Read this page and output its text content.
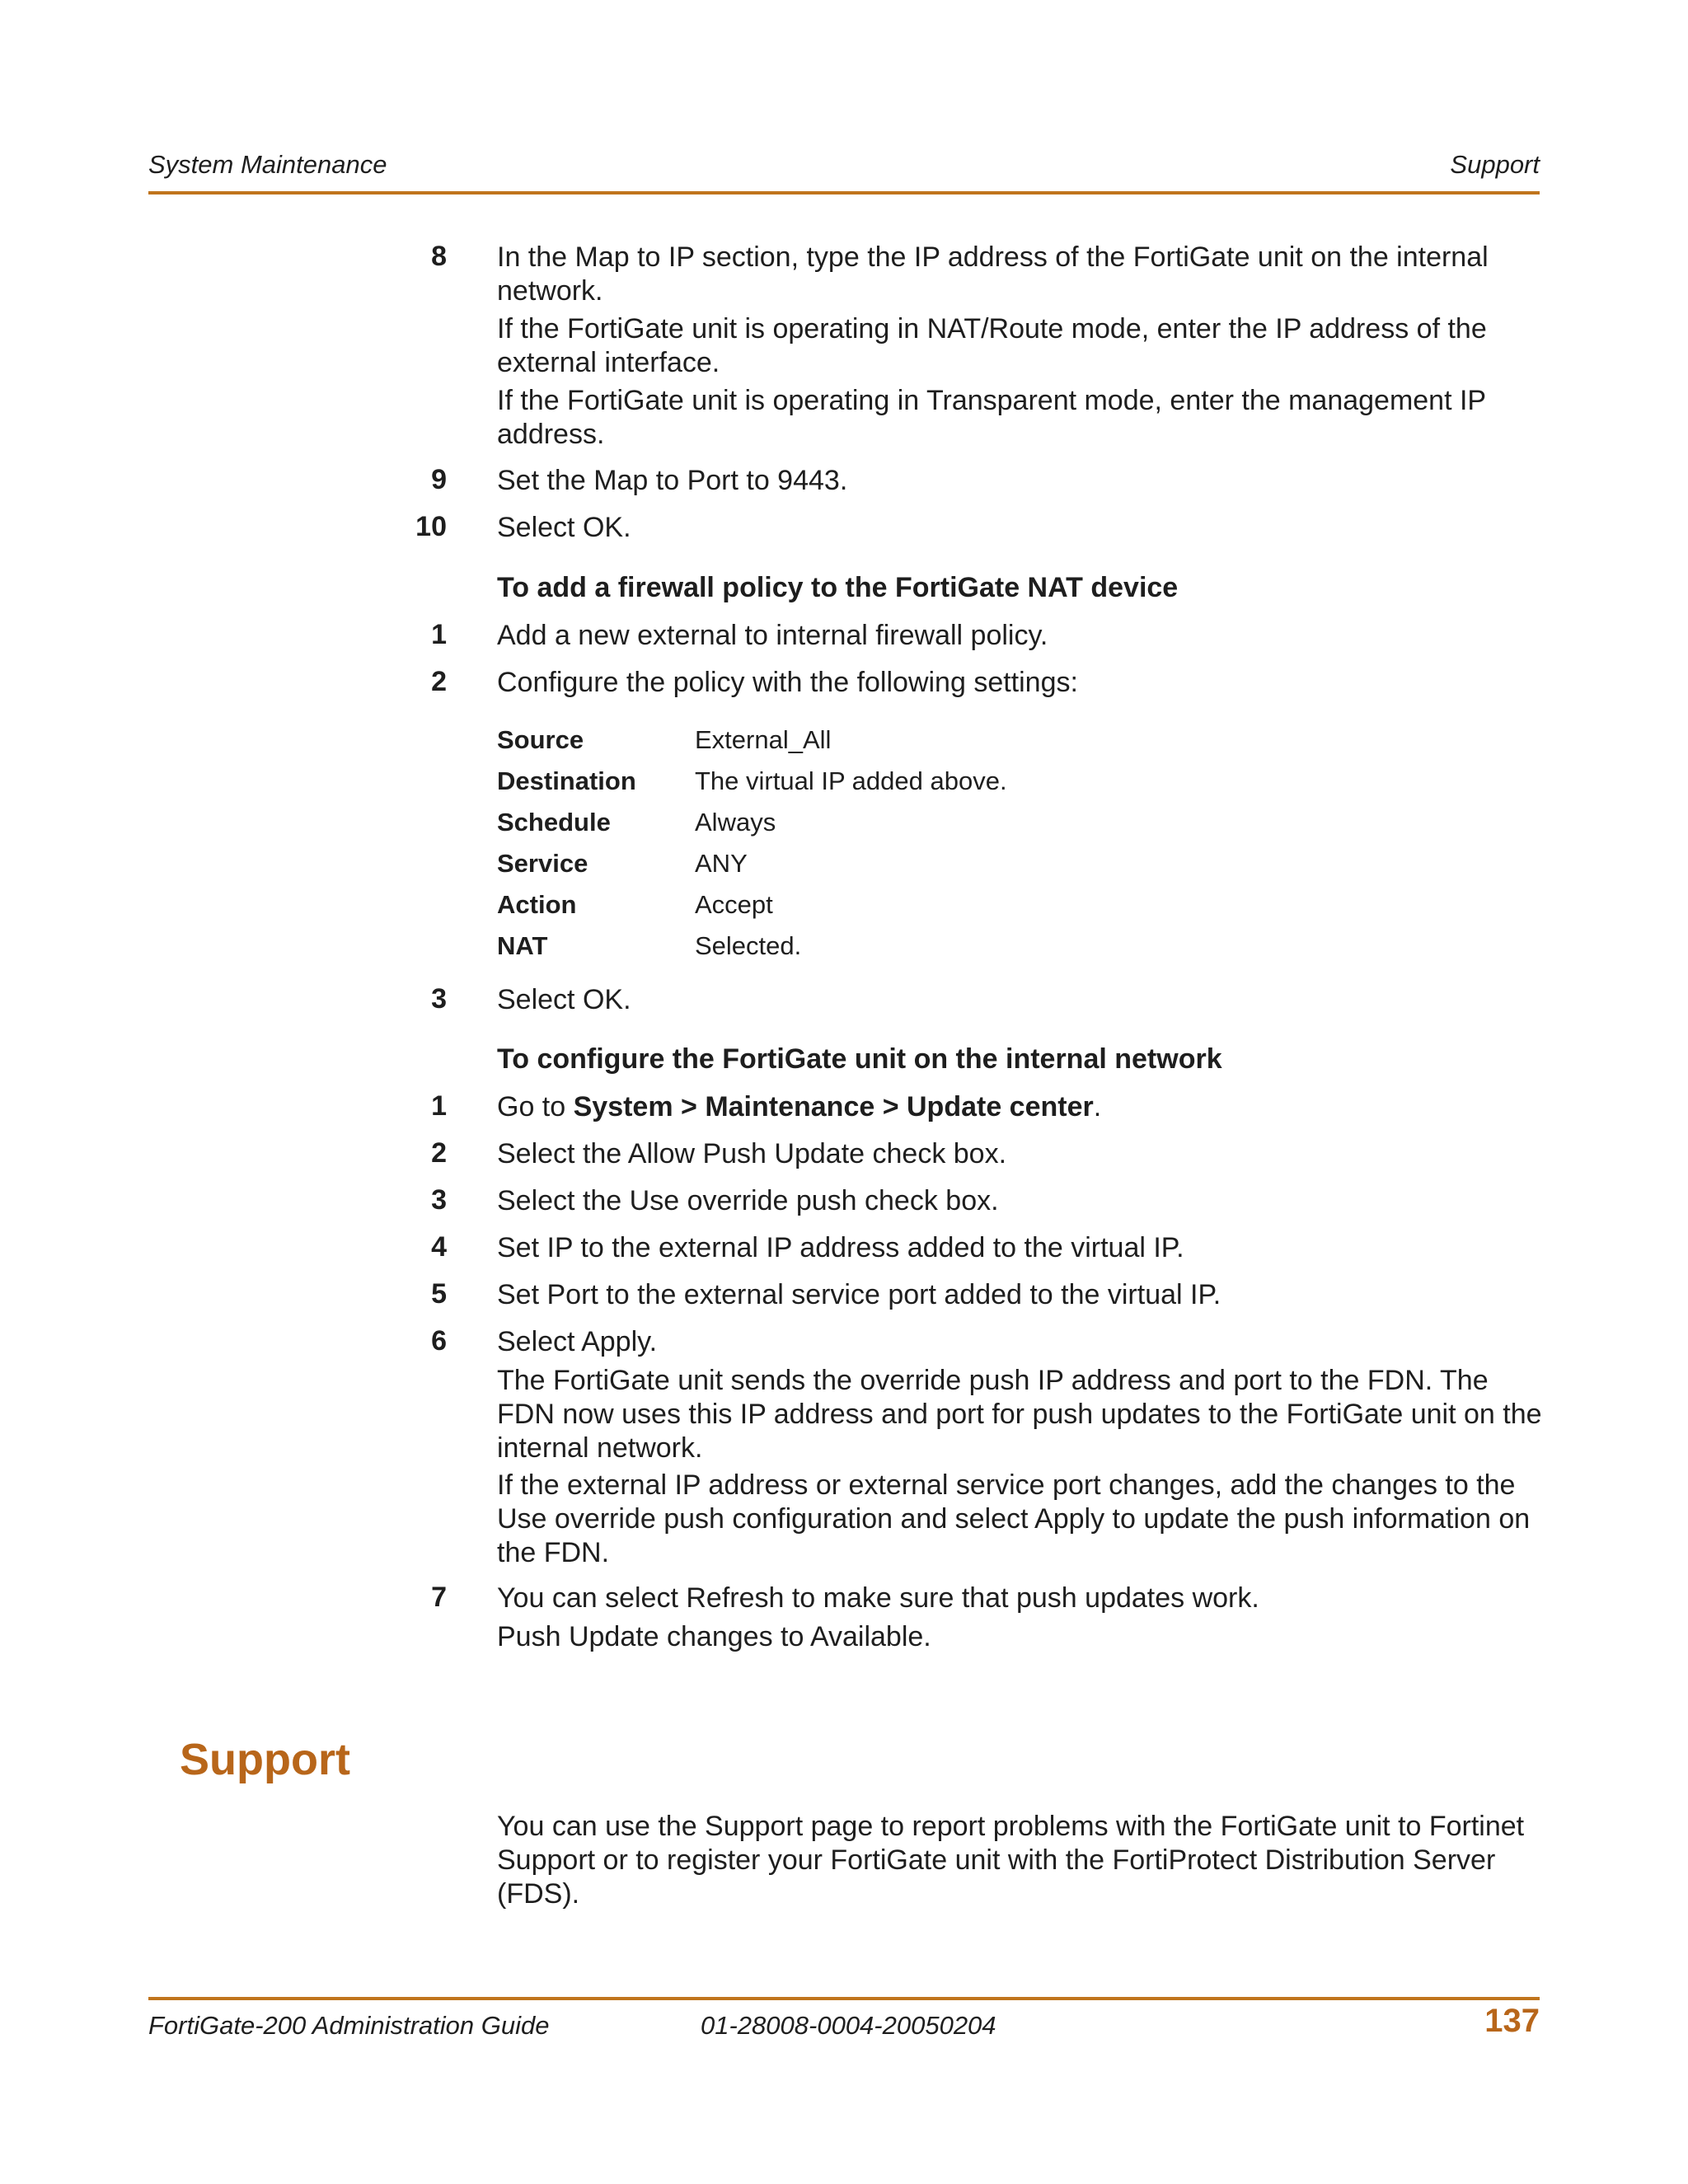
System Maintenance	Support
8 In the Map to IP section, type the IP address of the FortiGate unit on the internal network.
If the FortiGate unit is operating in NAT/Route mode, enter the IP address of the external interface.
If the FortiGate unit is operating in Transparent mode, enter the management IP address.
9 Set the Map to Port to 9443.
10 Select OK.
To add a firewall policy to the FortiGate NAT device
1 Add a new external to internal firewall policy.
2 Configure the policy with the following settings:
Source	External_All
Destination The virtual IP added above.
Schedule	Always
Service	ANY
Action	Accept
NAT	Selected.
3 Select OK.
To configure the FortiGate unit on the internal network
1 Go to System > Maintenance > Update center.
2 Select the Allow Push Update check box.
3 Select the Use override push check box.
4 Set IP to the external IP address added to the virtual IP.
5 Set Port to the external service port added to the virtual IP.
6 Select Apply.
The FortiGate unit sends the override push IP address and port to the FDN. The FDN now uses this IP address and port for push updates to the FortiGate unit on the internal network.
If the external IP address or external service port changes, add the changes to the Use override push configuration and select Apply to update the push information on the FDN.
7 You can select Refresh to make sure that push updates work.
Push Update changes to Available.
Support
You can use the Support page to report problems with the FortiGate unit to Fortinet Support or to register your FortiGate unit with the FortiProtect Distribution Server (FDS).
FortiGate-200 Administration Guide	01-28008-0004-20050204	137
